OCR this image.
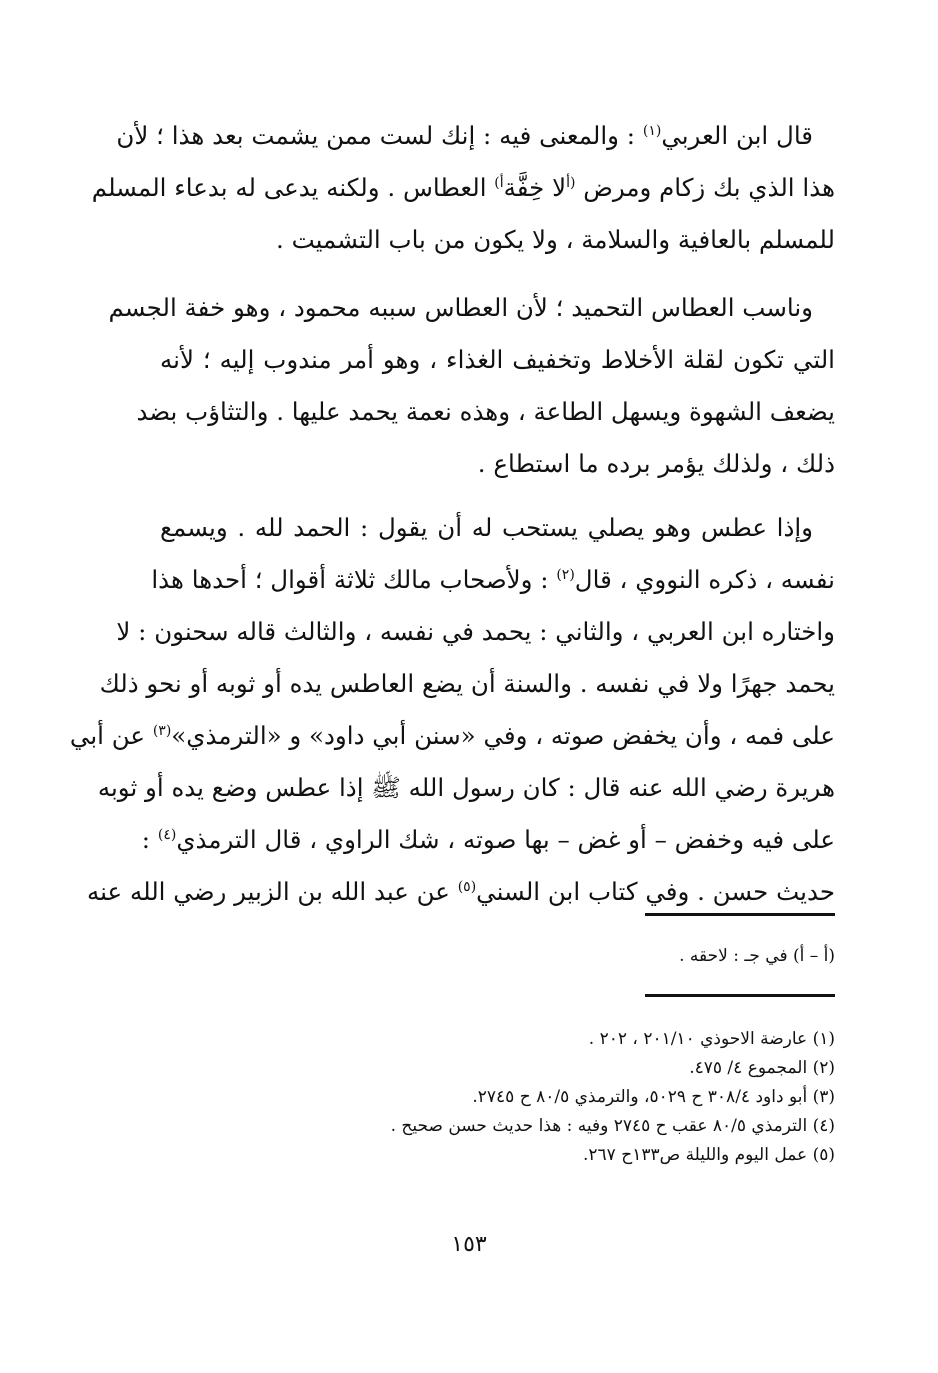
قال ابن العربي$^{(١)}$ : والمعنى فيه : إنك لست ممن يشمت بعد هذا ؛ لأن
هذا الذي بك زكام ومرض $^{(أ}$لا خِفَّة$^{أ)}$ العطاس . ولكنه يدعى له بدعاء المسلم
للمسلم بالعافية والسلامة ، ولا يكون من باب التشميت .
وناسب العطاس التحميد ؛ لأن العطاس سببه محمود ، وهو خفة الجسم
التي تكون لقلة الأخلاط وتخفيف الغذاء ، وهو أمر مندوب إليه ؛ لأنه
يضعف الشهوة ويسهل الطاعة ، وهذه نعمة يحمد عليها . والتثاؤب بضد
ذلك ، ولذلك يؤمر برده ما استطاع .
وإذا عطس وهو يصلي يستحب له أن يقول : الحمد لله . ويسمع
نفسه ، ذكره النووي ، قال$^{(٢)}$ : ولأصحاب مالك ثلاثة أقوال ؛ أحدها هذا
واختاره ابن العربي ، والثاني : يحمد في نفسه ، والثالث قاله سحنون : لا
يحمد جهرًا ولا في نفسه . والسنة أن يضع العاطس يده أو ثوبه أو نحو ذلك
على فمه ، وأن يخفض صوته ، وفي «سنن أبي داود» و «الترمذي»$^{(٣)}$ عن أبي
هريرة رضي الله عنه قال : كان رسول الله ﷺ إذا عطس وضع يده أو ثوبه
على فيه وخفض – أو غض – بها صوته ، شك الراوي ، قال الترمذي$^{(٤)}$ :
حديث حسن . وفي كتاب ابن السني$^{(٥)}$ عن عبد الله بن الزبير رضي الله عنه
(أ – أ) في جـ : لاحقه .
(١) عارضة الاحوذي ٢٠١/١٠ ، ٢٠٢ .
(٢) المجموع ٤/ ٤٧٥.
(٣) أبو داود ٣٠٨/٤ ح ٥٠٢٩، والترمذي ٨٠/٥ ح ٢٧٤٥.
(٤) الترمذي ٨٠/٥ عقب ح ٢٧٤٥ وفيه : هذا حديث حسن صحيح .
(٥) عمل اليوم والليلة ص١٣٣ح ٢٦٧.
١٥٣
